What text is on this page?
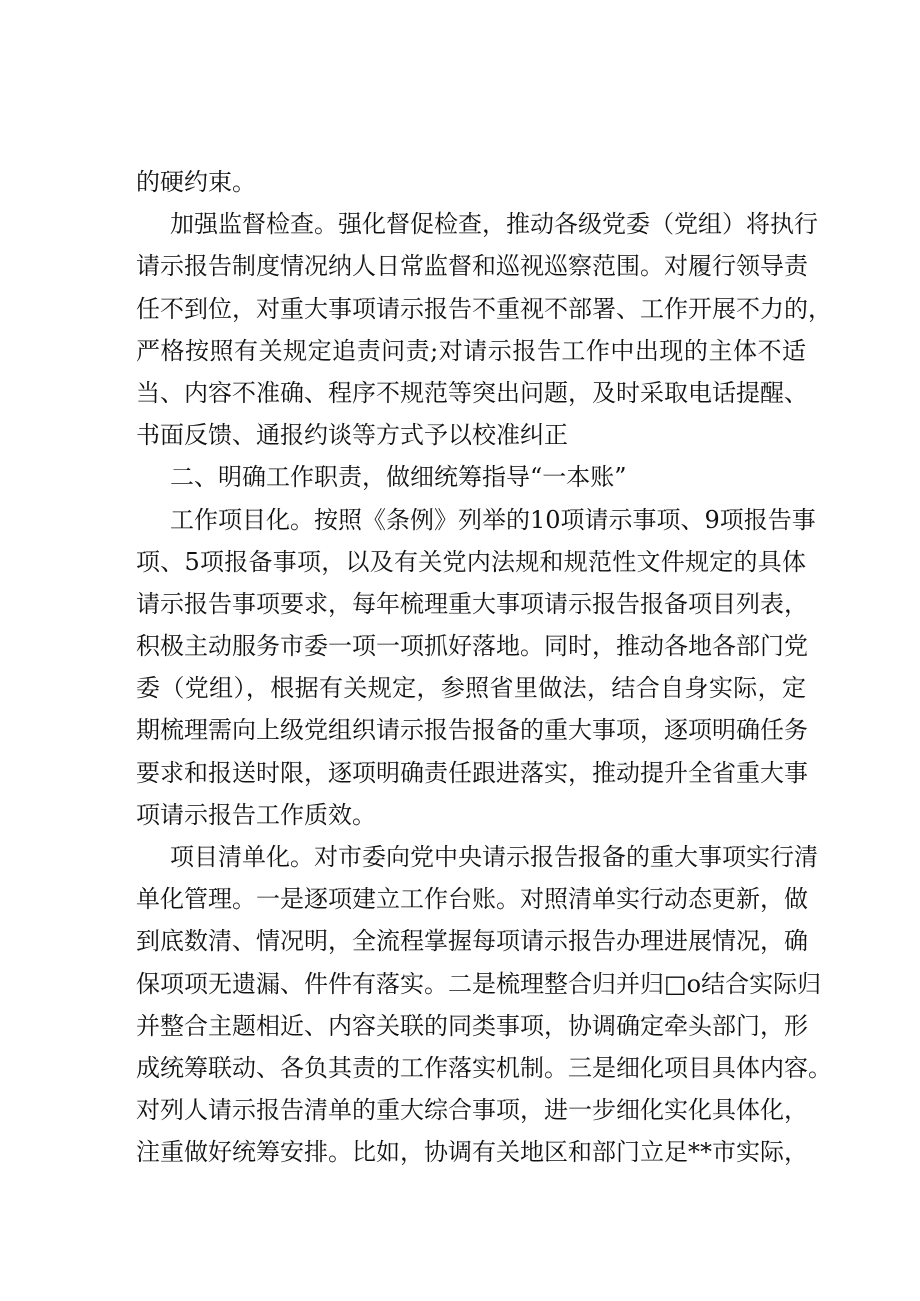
的硬约束。
加强监督检查。强化督促检查，推动各级党委（党组）将执行
请示报告制度情况纳人日常监督和巡视巡察范围。对履行领导责
任不到位，对重大事项请示报告不重视不部署、工作开展不力的，
严格按照有关规定追责问责;对请示报告工作中出现的主体不适
当、内容不准确、程序不规范等突出问题，及时采取电话提醒、
书面反馈、通报约谈等方式予以校准纠正
二、明确工作职责，做细统筹指导“一本账”
工作项目化。按照《条例》列举的10项请示事项、9项报告事
项、5项报备事项，以及有关党内法规和规范性文件规定的具体
请示报告事项要求，每年梳理重大事项请示报告报备项目列表，
积极主动服务市委一项一项抓好落地。同时，推动各地各部门党
委（党组），根据有关规定，参照省里做法，结合自身实际，定
期梳理需向上级党组织请示报告报备的重大事项，逐项明确任务
要求和报送时限，逐项明确责任跟进落实，推动提升全省重大事
项请示报告工作质效。
项目清单化。对市委向党中央请示报告报备的重大事项实行清
单化管理。一是逐项建立工作台账。对照清单实行动态更新，做
到底数清、情况明，全流程掌握每项请示报告办理进展情况，确
保项项无遗漏、件件有落实。二是梳理整合归并归□o结合实际归
并整合主题相近、内容关联的同类事项，协调确定牵头部门，形
成统筹联动、各负其责的工作落实机制。三是细化项目具体内容。
对列人请示报告清单的重大综合事项，进一步细化实化具体化，
注重做好统筹安排。比如，协调有关地区和部门立足**市实际，
